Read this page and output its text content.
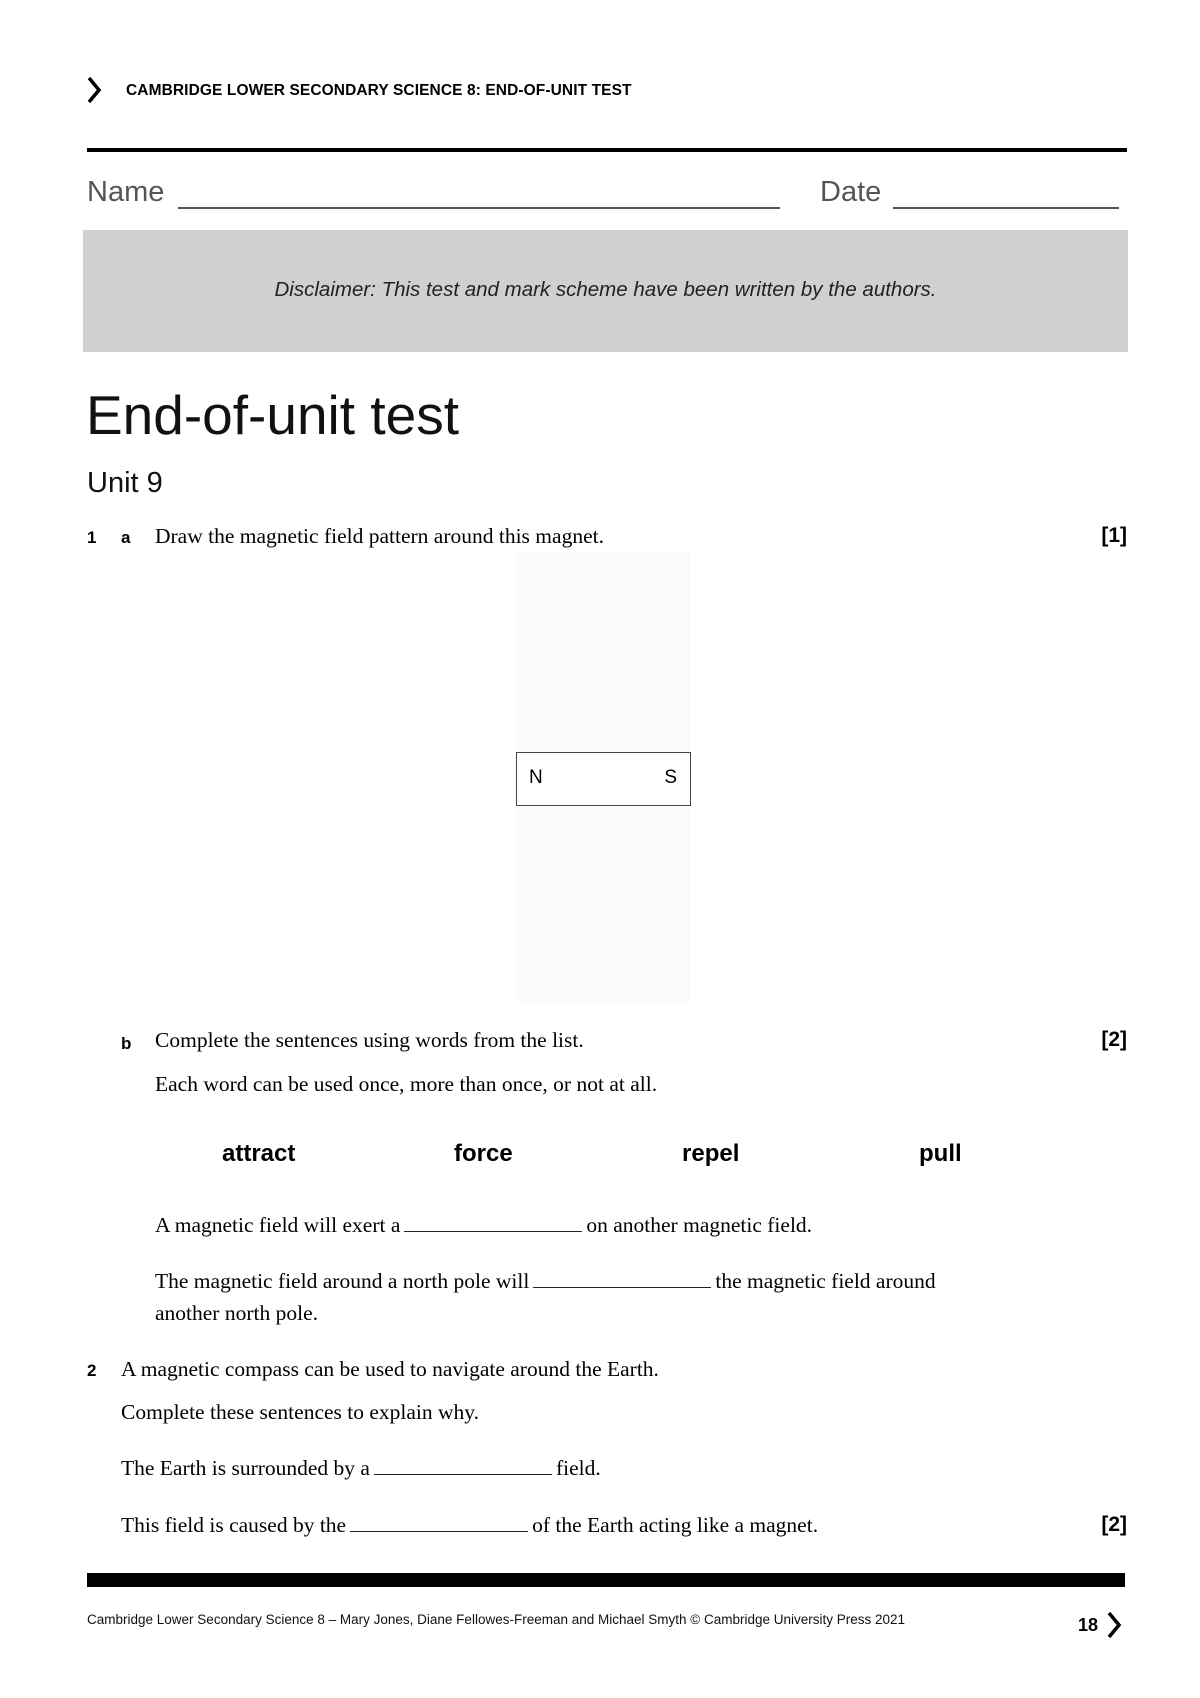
CAMBRIDGE LOWER SECONDARY SCIENCE 8: END-OF-UNIT TEST
Name	Date
Disclaimer: This test and mark scheme have been written by the authors.
End-of-unit test
Unit 9
1 a Draw the magnetic field pattern around this magnet.	[1]
N	S
b Complete the sentences using words from the list.	[2]
Each word can be used once, more than once, or not at all.
attract	force	repel	pull
A magnetic field will exert a	on another magnetic field.
The magnetic field around a north pole will	the magnetic field around
another north pole.
2 A magnetic compass can be used to navigate around the Earth.
Complete these sentences to explain why.
The Earth is surrounded by a	field.
This field is caused by the	of the Earth acting like a magnet.	[2]
Cambridge Lower Secondary Science 8 – Mary Jones, Diane Fellowes-Freeman and Michael Smyth © Cambridge University Press 2021	18
